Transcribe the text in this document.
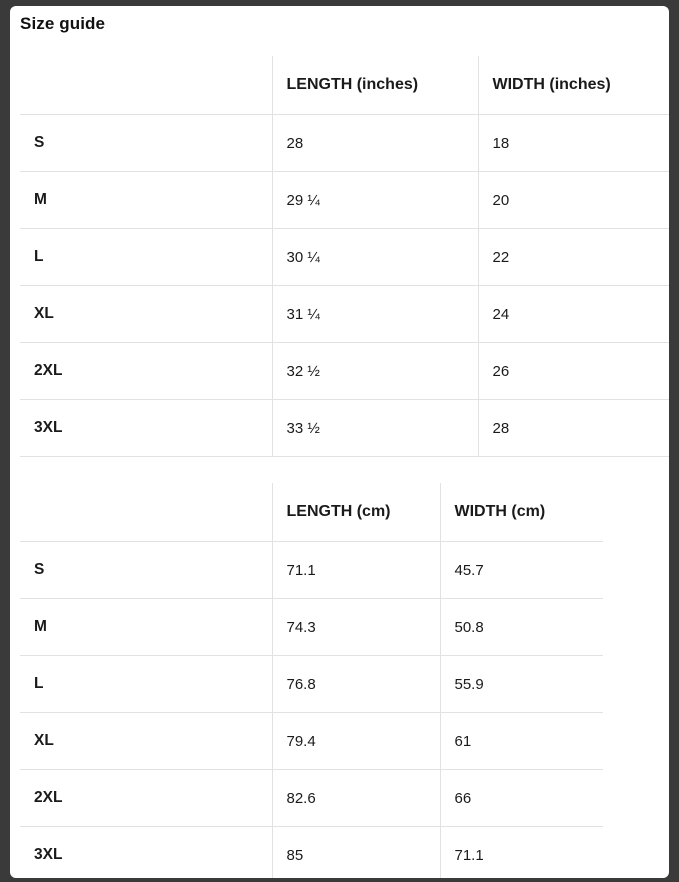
Size guide
	LENGTH (inches)	WIDTH (inches)
S	28	18
M	29 ¼	20
L	30 ¼	22
XL	31 ¼	24
2XL	32 ½	26
3XL	33 ½	28
	LENGTH (cm)	WIDTH (cm)
S	71.1	45.7
M	74.3	50.8
L	76.8	55.9
XL	79.4	61
2XL	82.6	66
3XL	85	71.1
